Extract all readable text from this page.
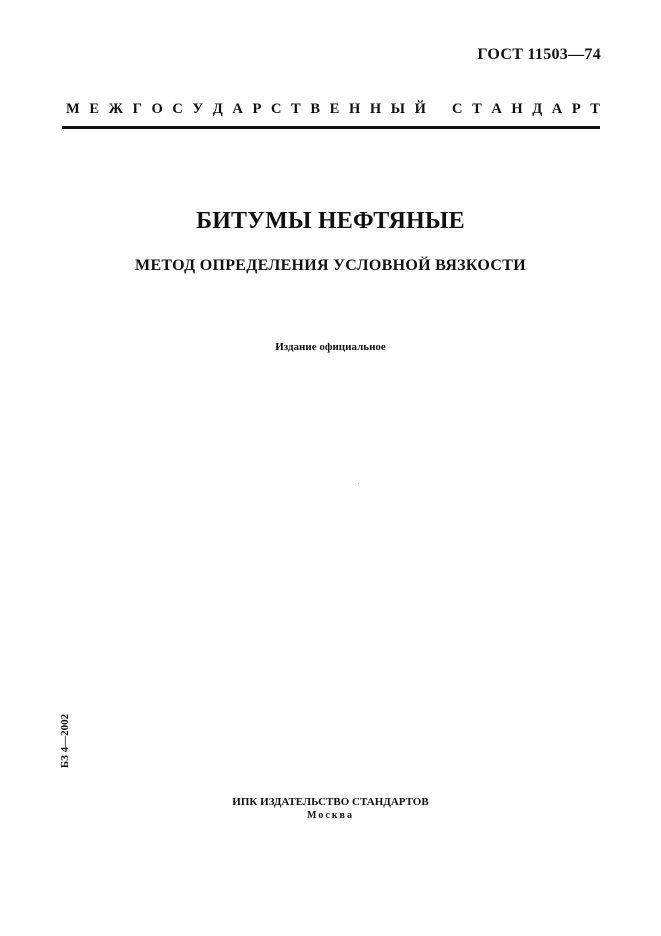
ГОСТ 11503—74
М Е Ж Г О С У Д А Р С Т В Е Н Н Ы Й С Т А Н Д А Р Т
БИТУМЫ НЕФТЯНЫЕ
МЕТОД ОПРЕДЕЛЕНИЯ УСЛОВНОЙ ВЯЗКОСТИ
Издание официальное
БЗ 4—2002
ИПК ИЗДАТЕЛЬСТВО СТАНДАРТОВ
Москва
